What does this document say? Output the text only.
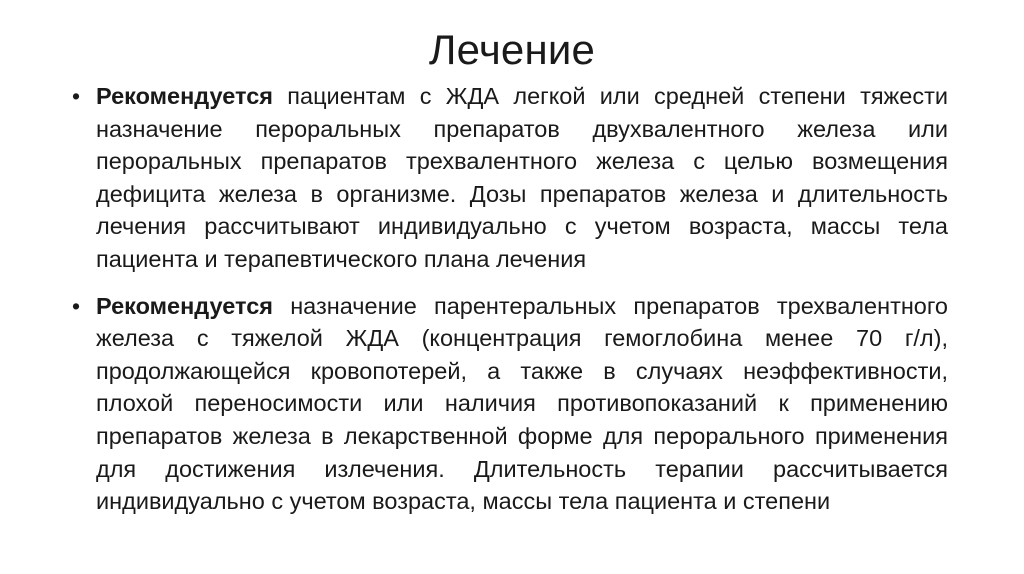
Лечение
• Рекомендуется пациентам с ЖДА легкой или средней степени тяжести назначение пероральных препаратов двухвалентного железа или пероральных препаратов трехвалентного железа с целью возмещения дефицита железа в организме. Дозы препаратов железа и длительность лечения рассчитывают индивидуально с учетом возраста, массы тела пациента и терапевтического плана лечения
• Рекомендуется назначение парентеральных препаратов трехвалентного железа с тяжелой ЖДА (концентрация гемоглобина менее 70 г/л), продолжающейся кровопотерей, а также в случаях неэффективности, плохой переносимости или наличия противопоказаний к применению препаратов железа в лекарственной форме для перорального применения для достижения излечения. Длительность терапии рассчитывается индивидуально с учетом возраста, массы тела пациента и степени
